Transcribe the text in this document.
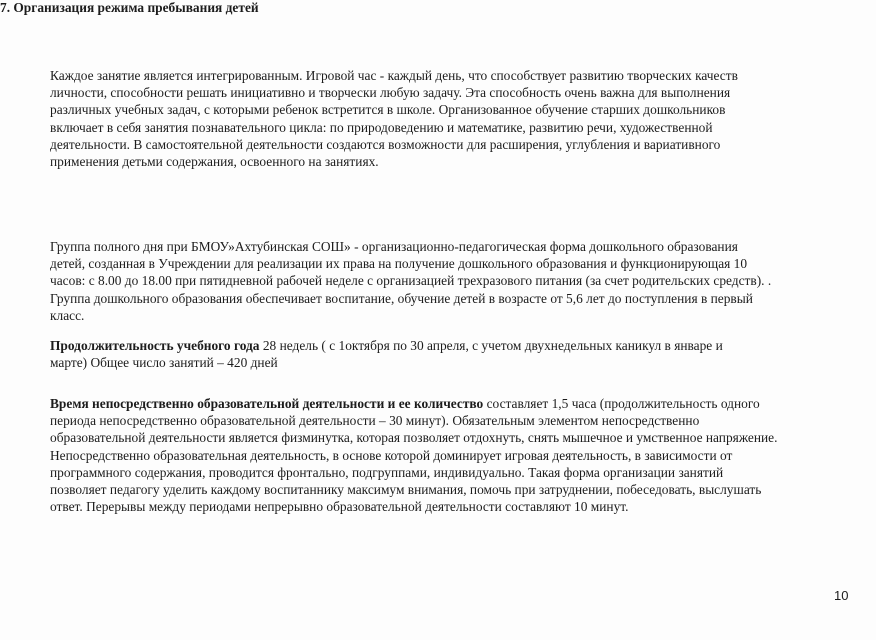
Каждое занятие является интегрированным. Игровой час - каждый день, что способствует развитию творческих качеств
личности, способности решать инициативно и творчески любую задачу. Эта способность очень важна для выполнения
различных учебных задач, с которыми ребенок встретится в школе. Организованное обучение старших дошкольников
включает в себя занятия познавательного цикла: по природоведению и математике, развитию речи, художественной
деятельности. В самостоятельной деятельности создаются возможности для расширения, углубления и вариативного
применения детьми содержания, освоенного на занятиях.
7. Организация режима пребывания детей
Группа полного дня при БМОУ»Ахтубинская СОШ» - организационно-педагогическая форма дошкольного образования
детей, созданная в Учреждении для реализации их права на получение дошкольного образования и функционирующая 10
часов: с 8.00 до 18.00 при пятидневной рабочей неделе с организацией трехразового питания (за счет родительских средств). .
Группа дошкольного образования обеспечивает воспитание, обучение детей в возрасте от 5,6 лет до поступления в первый
класс.
Продолжительность учебного года 28 недель ( с 1октября по 30 апреля, с учетом двухнедельных каникул в январе и
марте) Общее число занятий – 420 дней
Время непосредственно образовательной деятельности и ее количество составляет 1,5 часа (продолжительность одного
периода непосредственно образовательной деятельности – 30 минут). Обязательным элементом непосредственно
образовательной деятельности является физминутка, которая позволяет отдохнуть, снять мышечное и умственное напряжение.
Непосредственно образовательная деятельность, в основе которой доминирует игровая деятельность, в зависимости от
программного содержания, проводится фронтально, подгруппами, индивидуально. Такая форма организации занятий
позволяет педагогу уделить каждому воспитаннику максимум внимания, помочь при затруднении, побеседовать, выслушать
ответ. Перерывы между периодами непрерывно образовательной деятельности составляют 10 минут.
10
